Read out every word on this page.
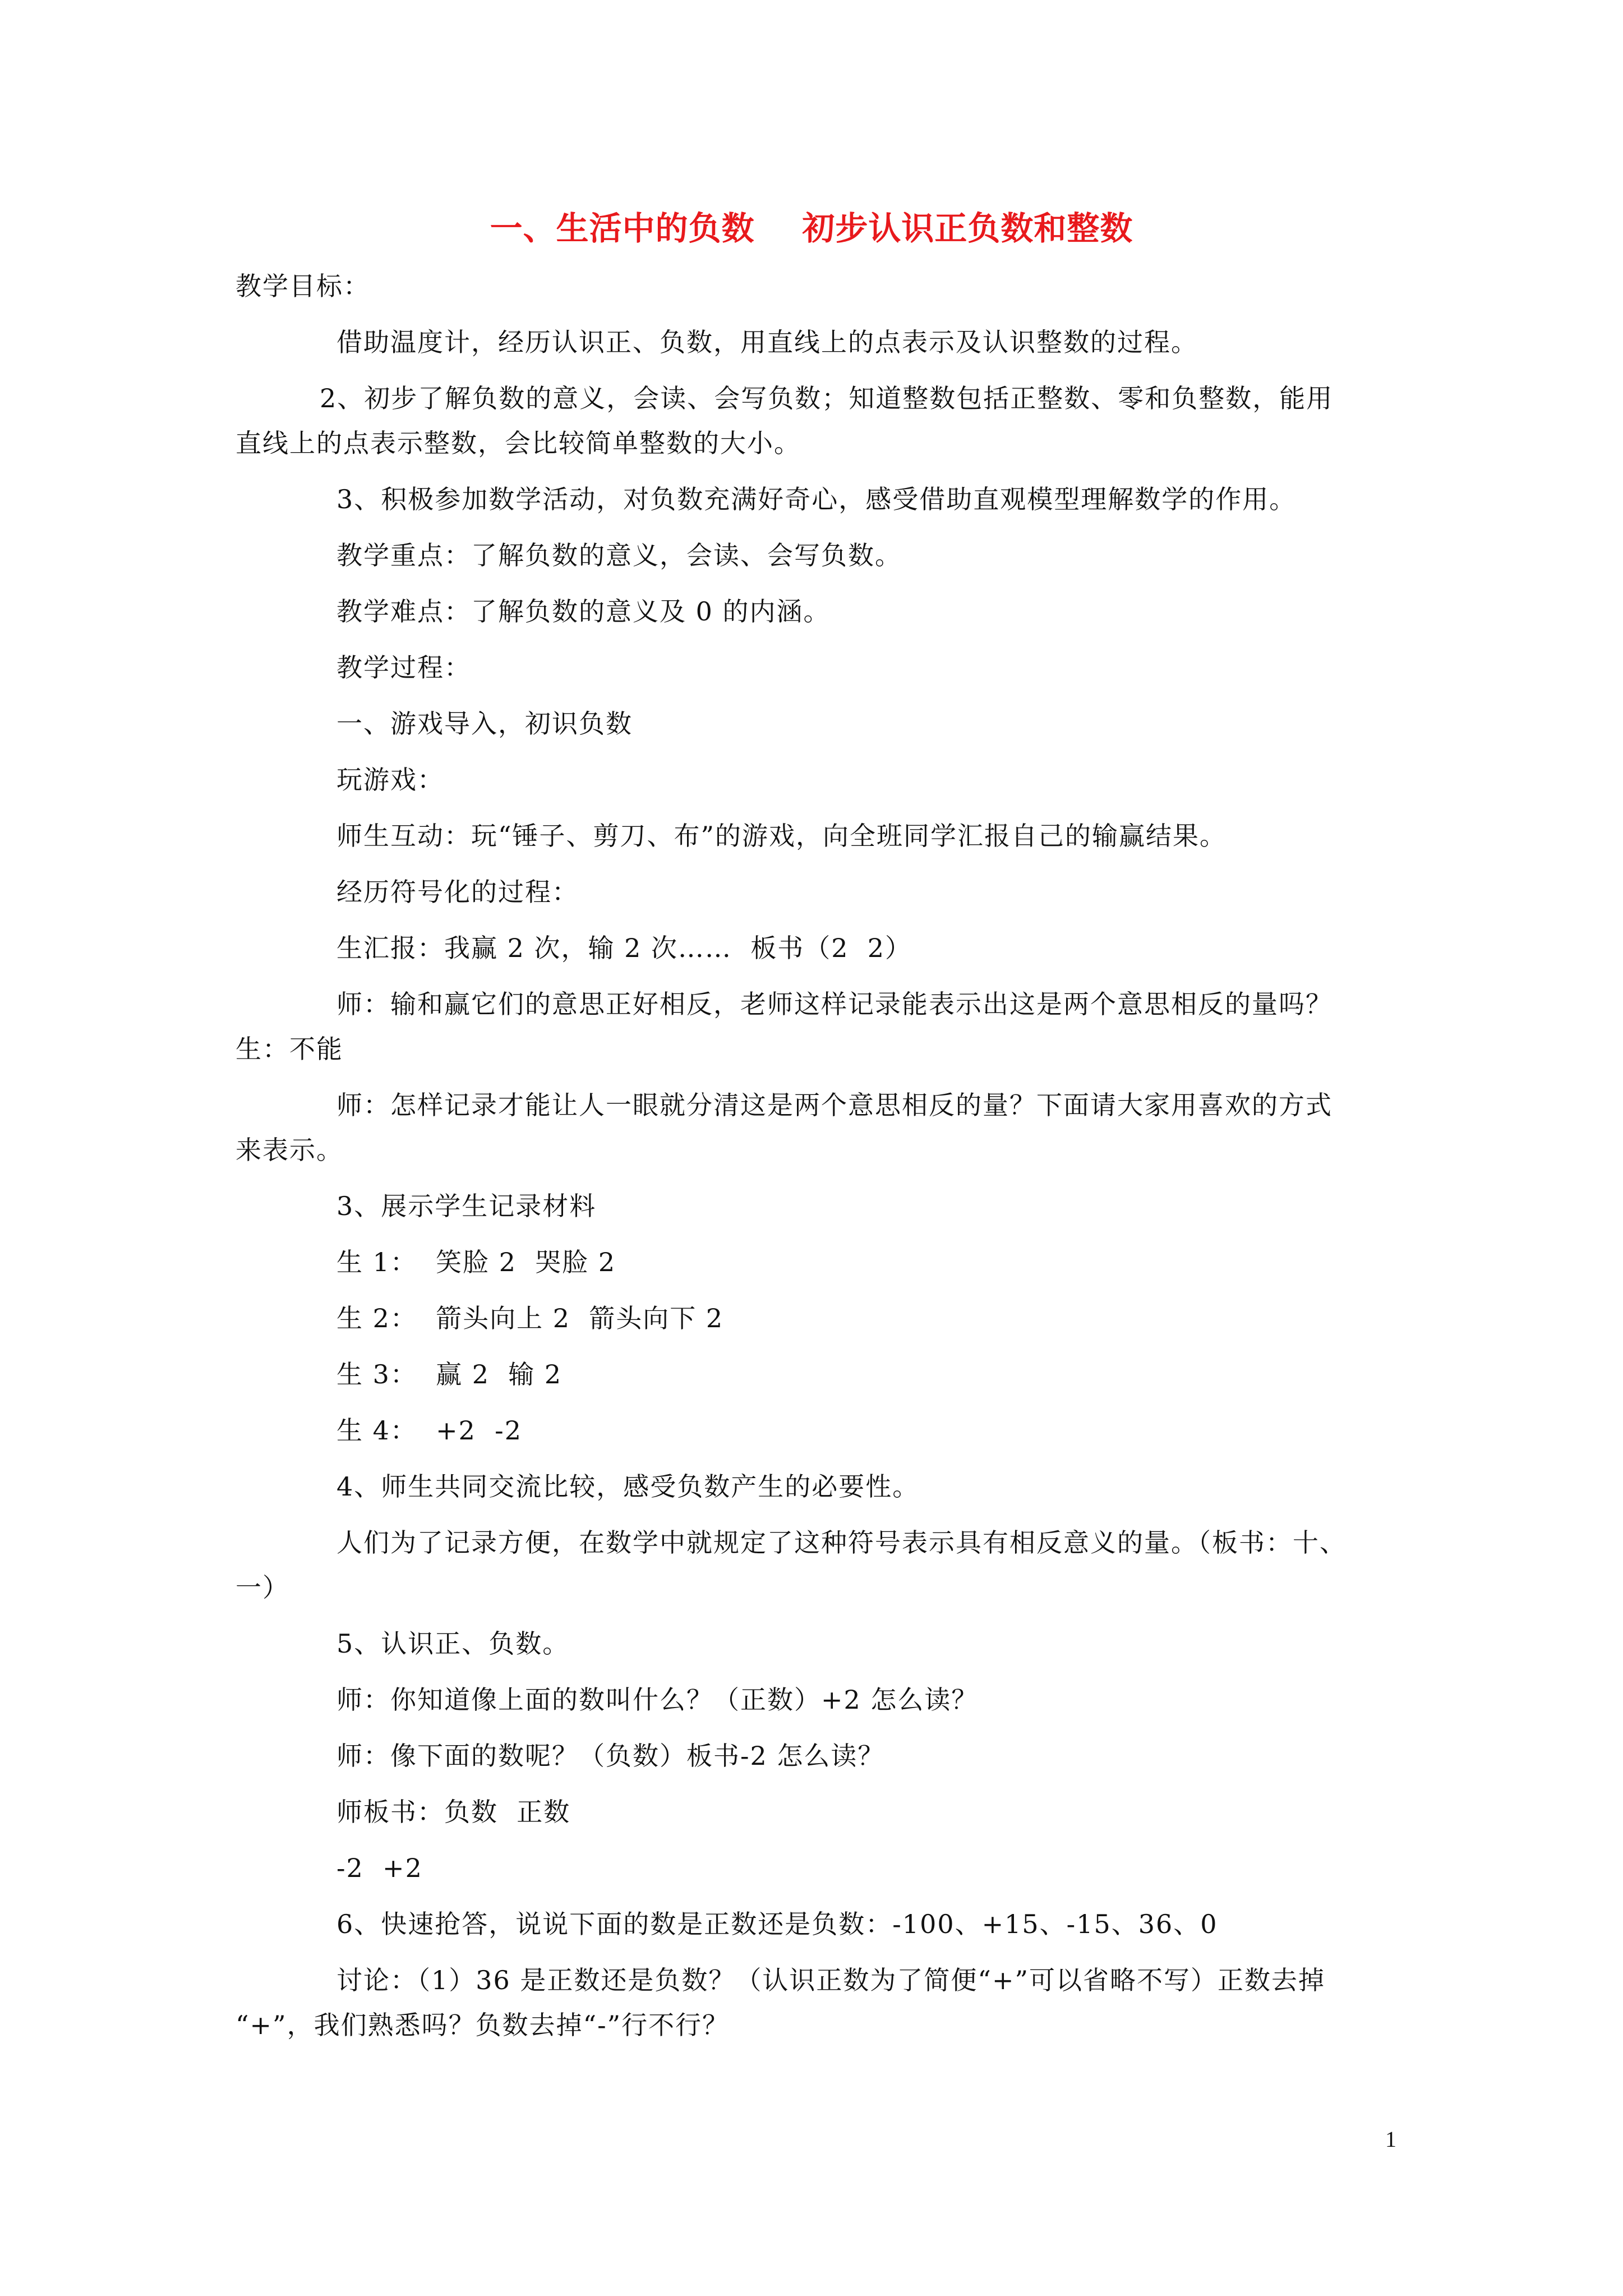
一、生活中的负数    初步认识正负数和整数
教学目标：
借助温度计，经历认识正、负数，用直线上的点表示及认识整数的过程。
2、初步了解负数的意义，会读、会写负数；知道整数包括正整数、零和负整数，能用
直线上的点表示整数，会比较简单整数的大小。
3、积极参加数学活动，对负数充满好奇心，感受借助直观模型理解数学的作用。
教学重点：了解负数的意义，会读、会写负数。
教学难点：了解负数的意义及 0 的内涵。
教学过程：
一、游戏导入，初识负数
玩游戏：
师生互动：玩“锤子、剪刀、布”的游戏，向全班同学汇报自己的输赢结果。
经历符号化的过程：
生汇报：我赢 2 次，输 2 次……  板书（2  2）
师：输和赢它们的意思正好相反，老师这样记录能表示出这是两个意思相反的量吗？
生：不能
师：怎样记录才能让人一眼就分清这是两个意思相反的量？下面请大家用喜欢的方式
来表示。
3、展示学生记录材料
生 1：  笑脸 2  哭脸 2
生 2：  箭头向上 2  箭头向下 2
生 3：  赢 2  输 2
生 4：  +2  -2
4、师生共同交流比较，感受负数产生的必要性。
人们为了记录方便，在数学中就规定了这种符号表示具有相反意义的量。（板书：十、
一）
5、认识正、负数。
师：你知道像上面的数叫什么？（正数）+2 怎么读？
师：像下面的数呢？（负数）板书-2 怎么读？
师板书：负数  正数
-2  +2
6、快速抢答，说说下面的数是正数还是负数：-100、+15、-15、36、0
讨论：（1）36 是正数还是负数？（认识正数为了简便“+”可以省略不写）正数去掉
“+”，我们熟悉吗？负数去掉“-”行不行？
1
